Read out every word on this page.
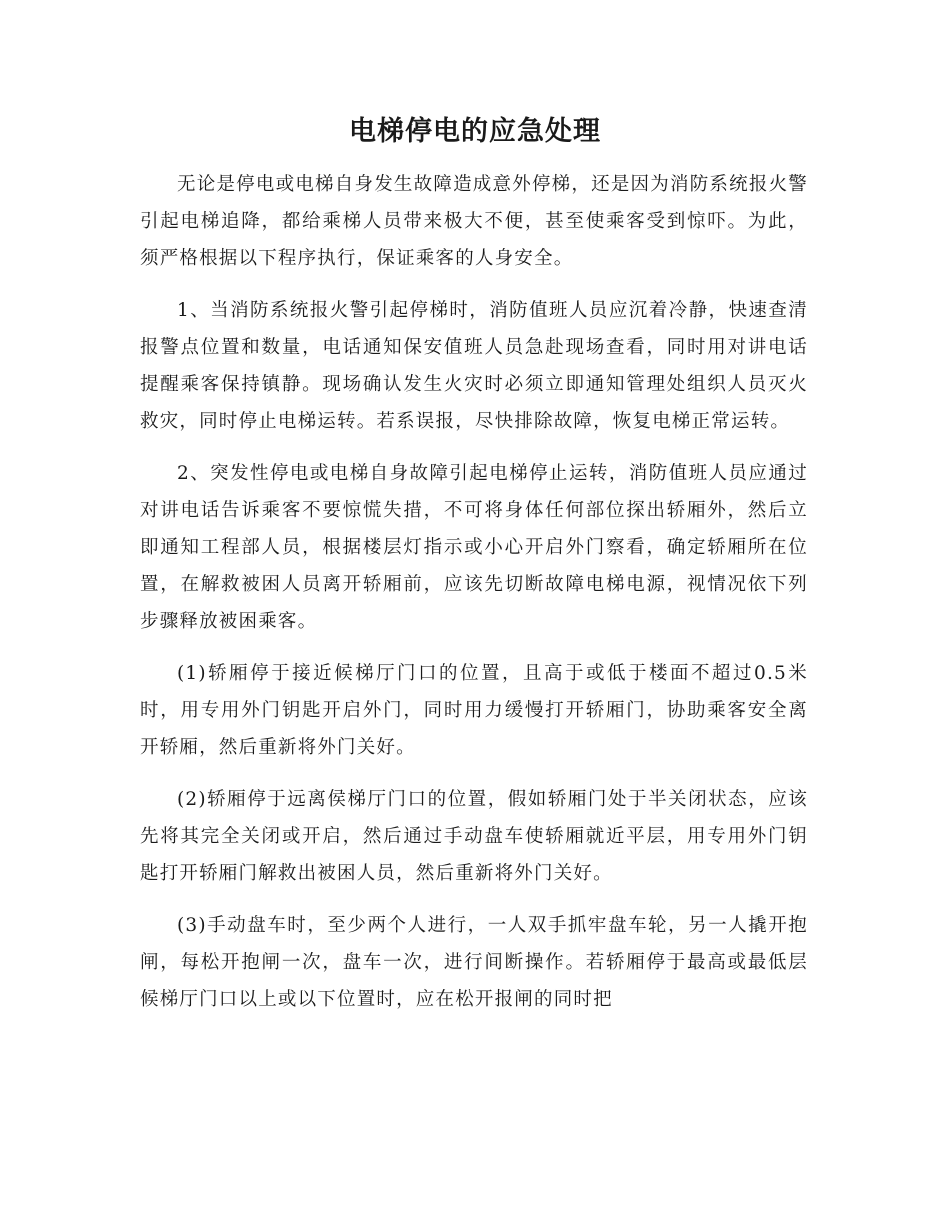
电梯停电的应急处理

无论是停电或电梯自身发生故障造成意外停梯，还是因为消防系统报火警引起电梯追降，都给乘梯人员带来极大不便，甚至使乘客受到惊吓。为此，须严格根据以下程序执行，保证乘客的人身安全。

1、当消防系统报火警引起停梯时，消防值班人员应沉着冷静，快速查清报警点位置和数量，电话通知保安值班人员急赴现场查看，同时用对讲电话提醒乘客保持镇静。现场确认发生火灾时必须立即通知管理处组织人员灭火救灾，同时停止电梯运转。若系误报，尽快排除故障，恢复电梯正常运转。

2、突发性停电或电梯自身故障引起电梯停止运转，消防值班人员应通过对讲电话告诉乘客不要惊慌失措，不可将身体任何部位探出轿厢外，然后立即通知工程部人员，根据楼层灯指示或小心开启外门察看，确定轿厢所在位置，在解救被困人员离开轿厢前，应该先切断故障电梯电源，视情况依下列步骤释放被困乘客。

(1)轿厢停于接近候梯厅门口的位置，且高于或低于楼面不超过0.5米时，用专用外门钥匙开启外门，同时用力缓慢打开轿厢门，协助乘客安全离开轿厢，然后重新将外门关好。

(2)轿厢停于远离侯梯厅门口的位置，假如轿厢门处于半关闭状态，应该先将其完全关闭或开启，然后通过手动盘车使轿厢就近平层，用专用外门钥匙打开轿厢门解救出被困人员，然后重新将外门关好。

(3)手动盘车时，至少两个人进行，一人双手抓牢盘车轮，另一人撬开抱闸，每松开抱闸一次，盘车一次，进行间断操作。若轿厢停于最高或最低层候梯厅门口以上或以下位置时，应在松开报闸的同时把
